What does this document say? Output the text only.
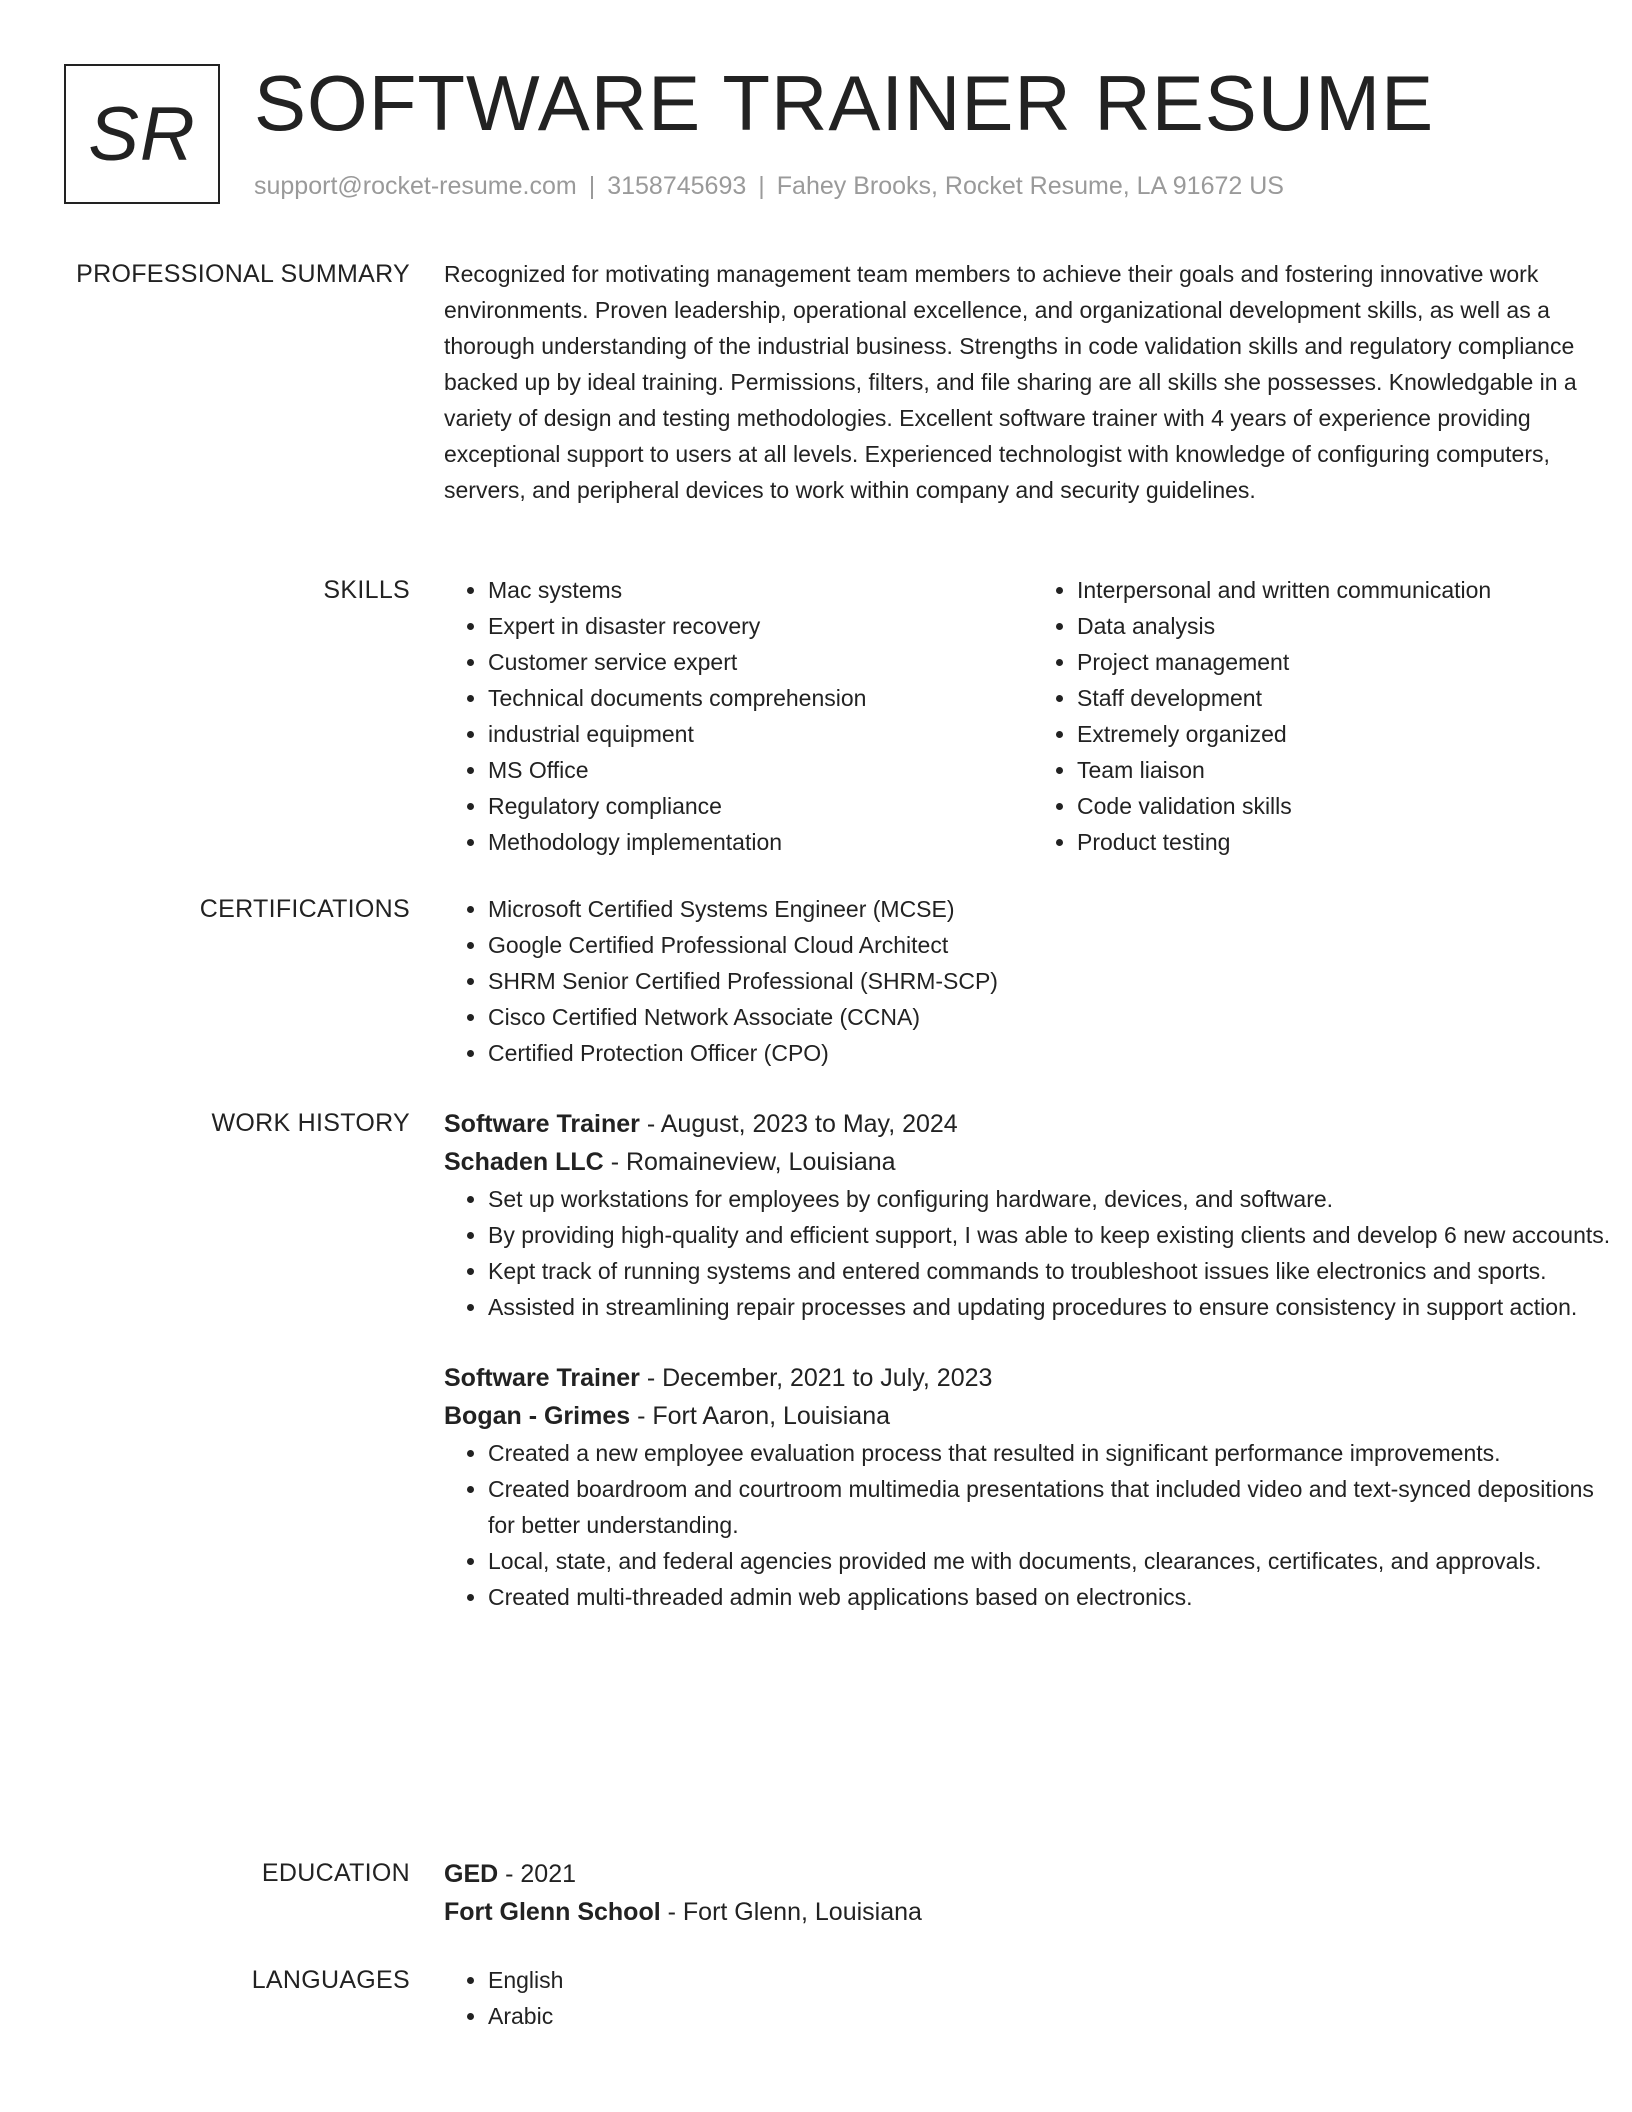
SR SOFTWARE TRAINER RESUME
support@rocket-resume.com | 3158745693 | Fahey Brooks, Rocket Resume, LA 91672 US
PROFESSIONAL SUMMARY Recognized for motivating management team members to achieve their goals and fostering innovative work environments. Proven leadership, operational excellence, and organizational development skills, as well as a thorough understanding of the industrial business. Strengths in code validation skills and regulatory compliance backed up by ideal training. Permissions, filters, and file sharing are all skills she possesses. Knowledgable in a variety of design and testing methodologies. Excellent software trainer with 4 years of experience providing exceptional support to users at all levels. Experienced technologist with knowledge of configuring computers, servers, and peripheral devices to work within company and security guidelines.

SKILLS	• Mac systems
• Expert in disaster recovery
• Customer service expert
• Technical documents comprehension
• industrial equipment
• MS Office
• Regulatory compliance
• Methodology implementation
• Interpersonal and written communication
• Data analysis
• Project management
• Staff development
• Extremely organized
• Team liaison
• Code validation skills
• Product testing
CERTIFICATIONS	• Microsoft Certified Systems Engineer (MCSE)
• Google Certified Professional Cloud Architect
• SHRM Senior Certified Professional (SHRM-SCP)
• Cisco Certified Network Associate (CCNA)
• Certified Protection Officer (CPO)
WORK HISTORY Software Trainer - August, 2023 to May, 2024
Schaden LLC - Romaineview, Louisiana
• Set up workstations for employees by configuring hardware, devices, and software.
• By providing high-quality and efficient support, I was able to keep existing clients and develop 6 new accounts.
• Kept track of running systems and entered commands to troubleshoot issues like electronics and sports.
• Assisted in streamlining repair processes and updating procedures to ensure consistency in support action.
Software Trainer - December, 2021 to July, 2023
Bogan - Grimes - Fort Aaron, Louisiana
• Created a new employee evaluation process that resulted in significant performance improvements.
• Created boardroom and courtroom multimedia presentations that included video and text-synced depositions for better understanding.
• Local, state, and federal agencies provided me with documents, clearances, certificates, and approvals.
• Created multi-threaded admin web applications based on electronics.
EDUCATION GED - 2021
Fort Glenn School - Fort Glenn, Louisiana
LANGUAGES	• English
• Arabic
